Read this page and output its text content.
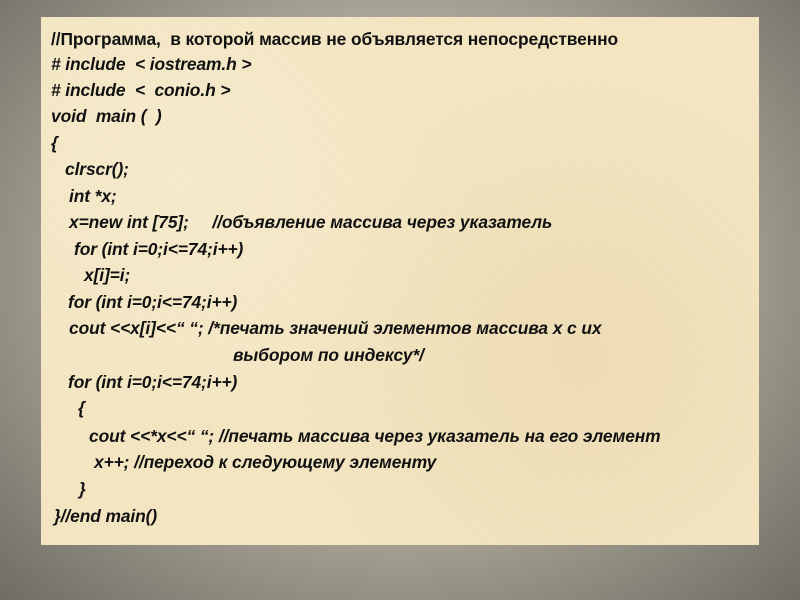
//Программа,  в которой массив не объявляется непосредственно

# include  < iostream.h >

# include  <  conio.h >

void  main (  )

{

clrscr();

int *x;

x=new int [75];     //объявление массива через указатель

for (int i=0;i<=74;i++)

x[i]=i;

for (int i=0;i<=74;i++)

cout <<x[i]<<“ “; /*печать значений элементов массива x с их

выбором по индексу*/

for (int i=0;i<=74;i++)

{

cout <<*x<<“ “; //печать массива через указатель на его элемент

x++; //переход к следующему элементу

}

}//end main()
